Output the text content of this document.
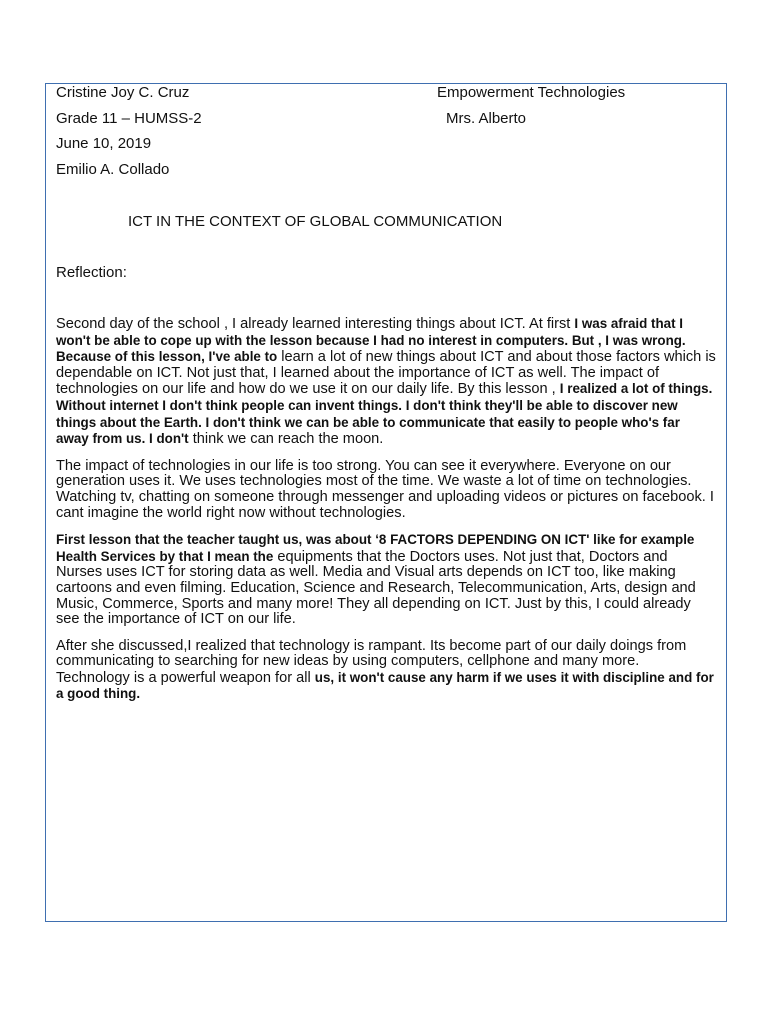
Cristine Joy C. Cruz	Empowerment Technologies
Grade 11 – HUMSS-2	Mrs. Alberto
June 10, 2019
Emilio A. Collado
ICT IN THE CONTEXT OF GLOBAL COMMUNICATION
Reflection:

Second day of the school , I already learned interesting things about ICT. At first I was afraid that I won't be able to cope up with the lesson because I had no interest in computers. But , I was wrong. Because of this lesson, I've able to learn a lot of new things about ICT and about those factors which is dependable on ICT. Not just that, I learned about the importance of ICT as well. The impact of technologies on our life and how do we use it on our daily life. By this lesson , I realized a lot of things. Without internet I don't think people can invent things. I don't think they'll be able to discover new things about the Earth. I don't think we can be able to communicate that easily to people who's far away from us. I don't think we can reach the moon.

The impact of technologies in our life is too strong. You can see it everywhere. Everyone on our generation uses it. We uses technologies most of the time. We waste a lot of time on technologies. Watching tv, chatting on someone through messenger and uploading videos or pictures on facebook. I cant imagine the world right now without technologies.

First lesson that the teacher taught us, was about ‘8 FACTORS DEPENDING ON ICT' like for example Health Services by that I mean the equipments that the Doctors uses. Not just that, Doctors and Nurses uses ICT for storing data as well. Media and Visual arts depends on ICT too, like making cartoons and even filming. Education, Science and Research, Telecommunication, Arts, design and Music, Commerce, Sports and many more! They all depending on ICT. Just by this, I could already see the importance of ICT on our life.

After she discussed,I realized that technology is rampant. Its become part of our daily doings from communicating to searching for new ideas by using computers, cellphone and many more. Technology is a powerful weapon for all us, it won't cause any harm if we uses it with discipline and for a good thing.
